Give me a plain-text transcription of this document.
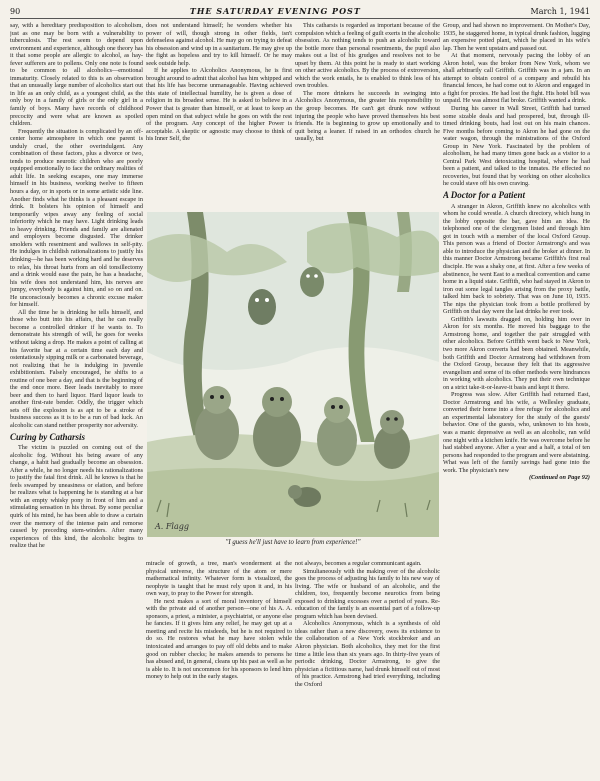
90	THE SATURDAY EVENING POST	March 1, 1941

say, with a hereditary predisposition to alcoholism, just as one may be born with a vulnerability to tuberculosis. The rest seem to depend upon environment and experience, although one theory has it that some people are allergic to alcohol, as hay-fever sufferers are to pollens. Only one note is found to be common to all alcoholics—emotional immaturity. Closely related to this is an observation that an unusually large number of alcoholics start out in life as an only child, as a youngest child, as the only boy in a family of girls or the only girl in a family of boys. Many have records of childhood precocity and were what are known as spoiled children.

Frequently the situation is complicated by an off-center home atmosphere in which one parent is unduly cruel, the other overindulgent. Any combination of these factors, plus a divorce or two, tends to produce neurotic children who are poorly equipped emotionally to face the ordinary realities of adult life. In seeking escapes, one may immerse himself in his business, working twelve to fifteen hours a day, or in sports or in some artistic side line. Another finds what he thinks is a pleasant escape in drink. It bolsters his opinion of himself and temporarily wipes away any feeling of social inferiority which he may have. Light drinking leads to heavy drinking. Friends and family are alienated and employers become disgusted. The drinker smolders with resentment and wallows in self-pity. He indulges in childish rationalizations to justify his drinking—he has been working hard and he deserves to relax, his throat hurts from an old tonsillectomy and a drink would ease the pain, he has a headache, his wife does not understand him, his nerves are jumpy, everybody is against him, and so on and on. He unconsciously becomes a chronic excuse maker for himself.

All the time he is drinking he tells himself, and those who butt into his affairs, that he can really become a controlled drinker if he wants to. To demonstrate his strength of will, he goes for weeks without taking a drop. He makes a point of calling at his favorite bar at a certain time each day and ostentatiously sipping milk or a carbonated beverage, not realizing that he is indulging in juvenile exhibitionism. Falsely encouraged, he shifts to a routine of one beer a day, and that is the beginning of the end once more. Beer leads inevitably to more beer and then to hard liquor. Hard liquor leads to another first-rate bender. Oddly, the trigger which sets off the explosion is as apt to be a stroke of business success as it is to be a run of bad luck. An alcoholic can stand neither prosperity nor adversity.

Curing by Catharsis

The victim is puzzled on coming out of the alcoholic fog. Without his being aware of any change, a habit had gradually become an obsession. After a while, he no longer needs his rationalizations to justify the fatal first drink. All he knows is that he feels swamped by uneasiness or elation, and before he realizes what is happening he is standing at a bar with an empty whisky pony in front of him and a stimulating sensation in his throat. By some peculiar quirk of his mind, he has been able to draw a curtain over the memory of the intense pain and remorse caused by preceding stem-winders. After many experiences of this kind, the alcoholic begins to realize that he

does not understand himself; he wonders whether his power of will, though strong in other fields, isn't defenseless against alcohol. He may go on trying to defeat his obsession and wind up in a sanitarium. He may give up the fight as hopeless and try to kill himself. Or he may seek outside help.

If he applies to Alcoholics Anonymous, he is first brought around to admit that alcohol has him whipped and that his life has become unmanageable. Having achieved this state of intellectual humility, he is given a dose of religion in its broadest sense. He is asked to believe in a Power that is greater than himself, or at least to keep an open mind on that subject while he goes on with the rest of the program. Any concept of the higher Power is acceptable. A skeptic or agnostic may choose to think of his Inner Self, the

This catharsis is regarded as important because of the compulsion which a feeling of guilt exerts in the alcoholic obsession. As nothing tends to push an alcoholic toward the bottle more than personal resentments, the pupil also makes out a list of his grudges and resolves not to be upset by them. At this point he is ready to start working on other active alcoholics. By the process of extroversion, which the work entails, he is enabled to think less of his own troubles.

The more drinkers he succeeds in swinging into Alcoholics Anonymous, the greater his responsibility to the group becomes. He can't get drunk now without injuring the people who have proved themselves his best friends. He is beginning to grow up emotionally and to quit being a leaner. If raised in an orthodox church he usually, but

A. Flagg
"I guess he'll just have to learn from experience!"

miracle of growth, a tree, man's wonderment at the physical universe, the structure of the atom or mere mathematical infinity. Whatever form is visualized, the neophyte is taught that he must rely upon it and, in his own way, to pray to the Power for strength.

He next makes a sort of moral inventory of himself with the private aid of another person—one of his A. A. sponsors, a priest, a minister, a psychiatrist, or anyone else he fancies. If it gives him any relief, he may get up at a meeting and recite his misdeeds, but he is not required to do so. He restores what he may have stolen while intoxicated and arranges to pay off old debts and to make good on rubber checks; he makes amends to persons he has abused and, in general, cleans up his past as well as he is able to. It is not uncommon for his sponsors to lend him money to help out in the early stages.

not always, becomes a regular communicant again.

Simultaneously with the making over of the alcoholic goes the process of adjusting his family to his new way of living. The wife or husband of an alcoholic, and the children, too, frequently become neurotics from being exposed to drinking excesses over a period of years. Re-education of the family is an essential part of a follow-up program which has been devised.

Alcoholics Anonymous, which is a synthesis of old ideas rather than a new discovery, owes its existence to the collaboration of a New York stockbroker and an Akron physician. Both alcoholics, they met for the first time a little less than six years ago. In thirty-five years of periodic drinking, Doctor Armstrong, to give the physician a fictitious name, had drunk himself out of most of his practice. Armstrong had tried everything, including the Oxford

Group, and had shown no improvement. On Mother's Day, 1935, he staggered home, in typical drunk fashion, lugging an expensive potted plant, which he placed in his wife's lap. Then he went upstairs and passed out.

At that moment, nervously pacing the lobby of an Akron hotel, was the broker from New York, whom we shall arbitrarily call Griffith. Griffith was in a jam. In an attempt to obtain control of a company and rebuild his financial fences, he had come out to Akron and engaged in a fight for proxies. He had lost the fight. His hotel bill was unpaid. He was almost flat broke. Griffith wanted a drink.

During his career in Wall Street, Griffith had turned some sizable deals and had prospered, but, through ill-timed drinking bouts, had lost out on his main chances. Five months before coming to Akron he had gone on the water wagon, through the ministrations of the Oxford Group in New York. Fascinated by the problem of alcoholism, he had many times gone back as a visitor to a Central Park West detoxicating hospital, where he had been a patient, and talked to the inmates. He effected no recoveries, but found that by working on other alcoholics he could stave off his own craving.

A Doctor for a Patient

A stranger in Akron, Griffith knew no alcoholics with whom he could wrestle. A church directory, which hung in the lobby opposite the bar, gave him an idea. He telephoned one of the clergymen listed and through him got in touch with a member of the local Oxford Group. This person was a friend of Doctor Armstrong's and was able to introduce the physician and the broker at dinner. In this manner Doctor Armstrong became Griffith's first real disciple. He was a shaky one, at first. After a few weeks of abstinence, he went East to a medical convention and came home in a liquid state. Griffith, who had stayed in Akron to iron out some legal tangles arising from the proxy battle, talked him back to sobriety. That was on June 10, 1935. The nips the physician took from a bottle proffered by Griffith on that day were the last drinks he ever took.

Griffith's lawsuits dragged on, holding him over in Akron for six months. He moved his baggage to the Armstrong home, and together the pair struggled with other alcoholics. Before Griffith went back to New York, two more Akron converts had been obtained. Meanwhile, both Griffith and Doctor Armstrong had withdrawn from the Oxford Group, because they felt that its aggressive evangelism and some of its other methods were hindrances in working with alcoholics. They put their own technique on a strict take-it-or-leave-it basis and kept it there.

Progress was slow. After Griffith had returned East, Doctor Armstrong and his wife, a Wellesley graduate, converted their home into a free refuge for alcoholics and an experimental laboratory for the study of the guests' behavior. One of the guests, who, unknown to his hosts, was a manic depressive as well as an alcoholic, ran wild one night with a kitchen knife. He was overcome before he had stabbed anyone. After a year and a half, a total of ten persons had responded to the program and were abstaining. What was left of the family savings had gone into the work. The physician's new

(Continued on Page 92)
